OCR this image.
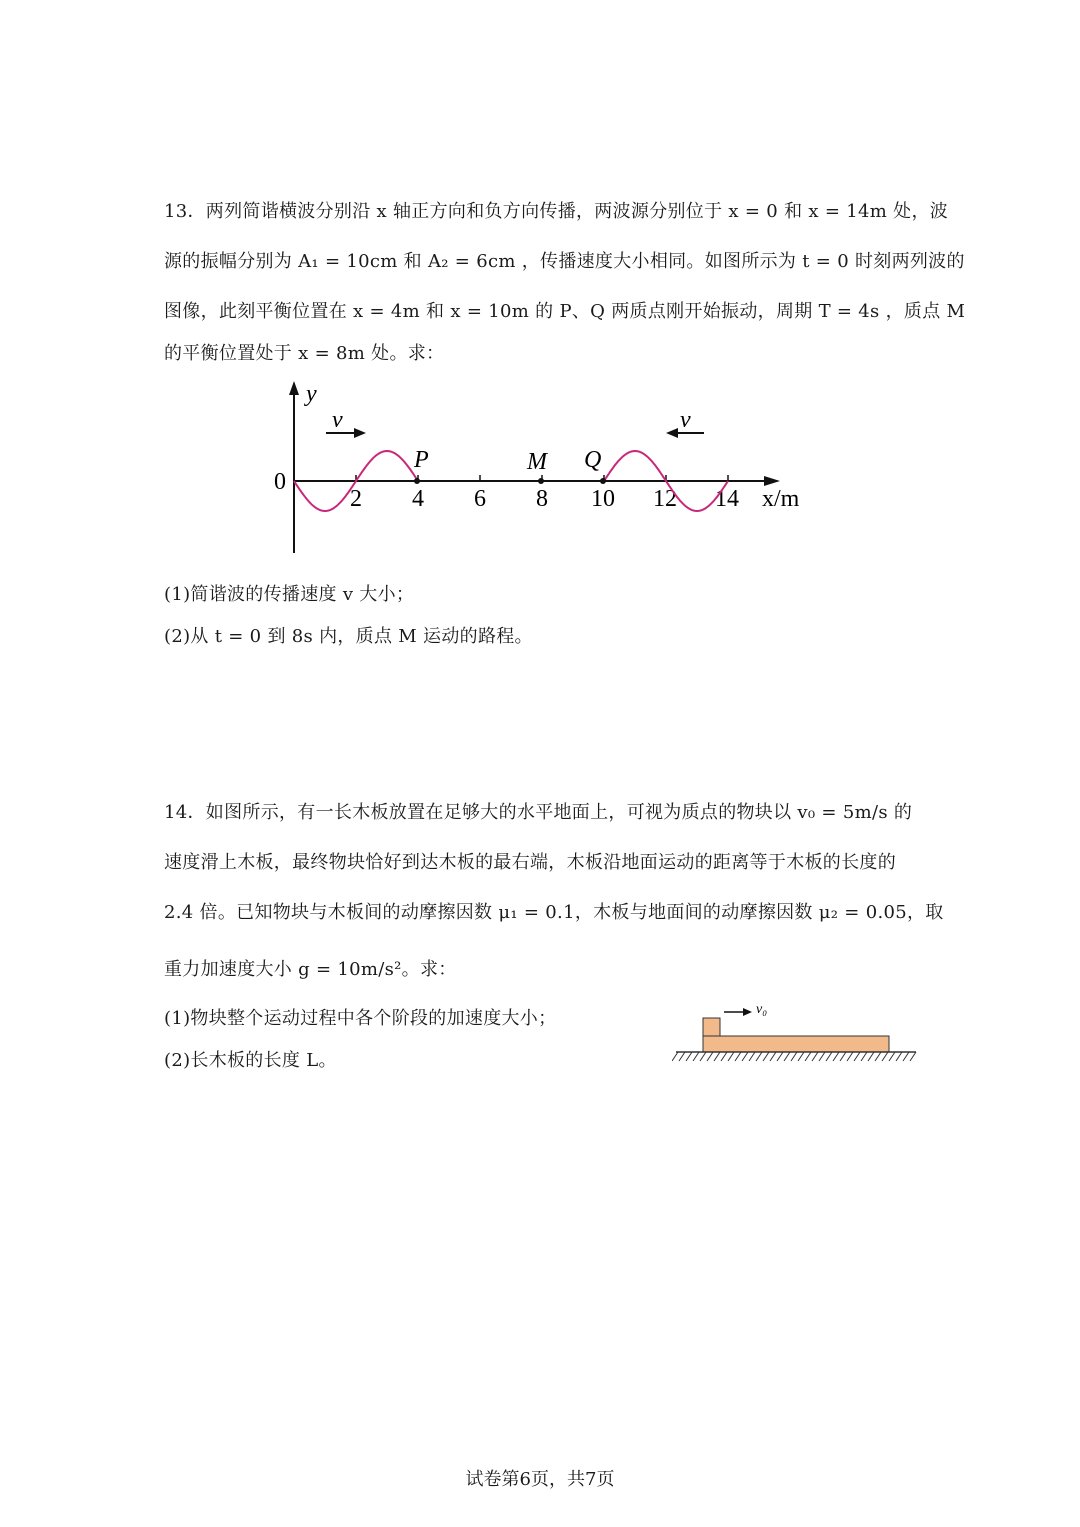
13．两列简谐横波分别沿 x 轴正方向和负方向传播，两波源分别位于 x = 0 和 x = 14m 处，波
源的振幅分别为 A₁ = 10cm 和 A₂ = 6cm ，传播速度大小相同。如图所示为 t = 0 时刻两列波的
图像，此刻平衡位置在 x = 4m 和 x = 10m 的 P、Q 两质点刚开始振动，周期 T = 4s ，质点 M
的平衡位置处于 x = 8m 处。求：
y
x/m
0
2 4 6 8 10 12 14
P	M Q
v	v
(1)简谐波的传播速度 v 大小；
(2)从 t = 0 到 8s 内，质点 M 运动的路程。
14．如图所示，有一长木板放置在足够大的水平地面上，可视为质点的物块以 v₀ = 5m/s 的
速度滑上木板，最终物块恰好到达木板的最右端，木板沿地面运动的距离等于木板的长度的
2.4 倍。已知物块与木板间的动摩擦因数 μ₁ = 0.1，木板与地面间的动摩擦因数 μ₂ = 0.05，取
重力加速度大小 g = 10m/s²。求：
(1)物块整个运动过程中各个阶段的加速度大小；
(2)长木板的长度 L。
v₀
试卷第6页，共7页
